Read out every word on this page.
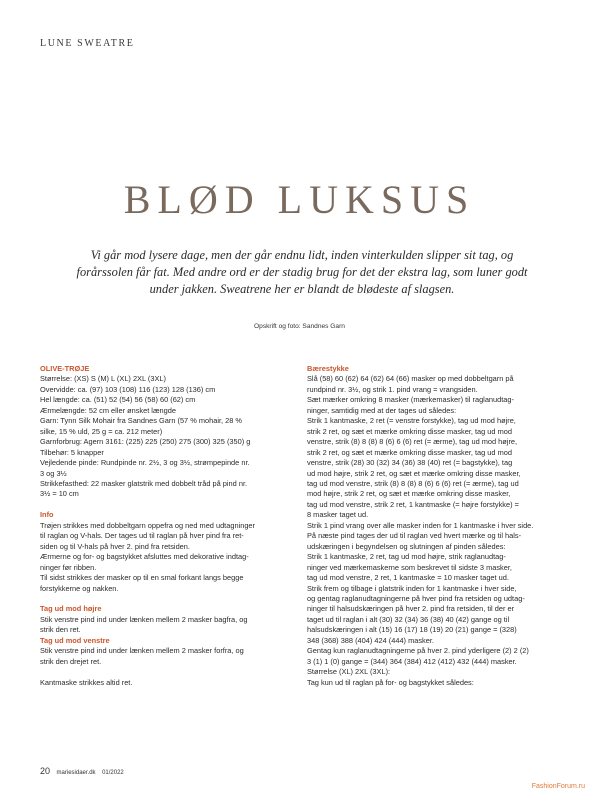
LUNE SWEATRE
BLØD LUKSUS

Vi går mod lysere dage, men der går endnu lidt, inden vinterkulden slipper sit tag, og forårssolen får fat. Med andre ord er der stadig brug for det der ekstra lag, som luner godt under jakken. Sweatrene her er blandt de blødeste af slagsen.

Opskrift og foto: Sandnes Garn
OLIVE-TRØJE
Størrelse: (XS) S (M) L (XL) 2XL (3XL)
Overvidde: ca. (97) 103 (108) 116 (123) 128 (136) cm
Hel længde: ca. (51) 52 (54) 56 (58) 60 (62) cm
Ærmelængde: 52 cm eller ønsket længde
Garn: Tynn Silk Mohair fra Sandnes Garn (57 % mohair, 28 %
silke, 15 % uld, 25 g = ca. 212 meter)
Garnforbrug: Agern 3161: (225) 225 (250) 275 (300) 325 (350) g
Tilbehør: 5 knapper
Vejledende pinde: Rundpinde nr. 2½, 3 og 3½, strømpepinde nr.
3 og 3½
Strikkefasthed: 22 masker glatstrik med dobbelt tråd på pind nr.
3½ = 10 cm
Info
Trøjen strikkes med dobbeltgarn oppefra og ned med udtagninger
til raglan og V-hals. Der tages ud til raglan på hver pind fra ret-
siden og til V-hals på hver 2. pind fra retsiden.
Ærmerne og for- og bagstykket afsluttes med dekorative indtag-
ninger før ribben.
Til sidst strikkes der masker op til en smal forkant langs begge
forstykkerne og nakken.
Tag ud mod højre
Stik venstre pind ind under lænken mellem 2 masker bagfra, og
strik den ret.
Tag ud mod venstre
Stik venstre pind ind under lænken mellem 2 masker forfra, og
strik den drejet ret.
Kantmaske strikkes altid ret.
Bærestykke
Slå (58) 60 (62) 64 (62) 64 (66) masker op med dobbeltgarn på
rundpind nr. 3½, og strik 1. pind vrang = vrangsiden.
Sæt mærker omkring 8 masker (mærkemasker) til raglanudtag-
ninger, samtidig med at der tages ud således:
Strik 1 kantmaske, 2 ret (= venstre forstykke), tag ud mod højre,
strik 2 ret, og sæt et mærke omkring disse masker, tag ud mod
venstre, strik (8) 8 (8) 8 (6) 6 (6) ret (= ærme), tag ud mod højre,
strik 2 ret, og sæt et mærke omkring disse masker, tag ud mod
venstre, strik (28) 30 (32) 34 (36) 38 (40) ret (= bagstykke), tag
ud mod højre, strik 2 ret, og sæt et mærke omkring disse masker,
tag ud mod venstre, strik (8) 8 (8) 8 (6) 6 (6) ret (= ærme), tag ud
mod højre, strik 2 ret, og sæt et mærke omkring disse masker,
tag ud mod venstre, strik 2 ret, 1 kantmaske (= højre forstykke) =
8 masker taget ud.
Strik 1 pind vrang over alle masker inden for 1 kantmaske i hver side.
På næste pind tages der ud til raglan ved hvert mærke og til hals-
udskæringen i begyndelsen og slutningen af pinden således:
Strik 1 kantmaske, 2 ret, tag ud mod højre, strik raglanudtag-
ninger ved mærkemaskerne som beskrevet til sidste 3 masker,
tag ud mod venstre, 2 ret, 1 kantmaske = 10 masker taget ud.
Strik frem og tilbage i glatstrik inden for 1 kantmaske i hver side,
og gentag raglanudtagningerne på hver pind fra retsiden og udtag-
ninger til halsudskæringen på hver 2. pind fra retsiden, til der er
taget ud til raglan i alt (30) 32 (34) 36 (38) 40 (42) gange og til
halsudskæringen i alt (15) 16 (17) 18 (19) 20 (21) gange = (328)
348 (368) 388 (404) 424 (444) masker.
Gentag kun raglanudtagningerne på hver 2. pind yderligere (2) 2 (2)
3 (1) 1 (0) gange = (344) 364 (384) 412 (412) 432 (444) masker.
Størrelse (XL) 2XL (3XL):
Tag kun ud til raglan på for- og bagstykket således:
20 mariesidaer.dk 01/2022
FashionForum.ru
